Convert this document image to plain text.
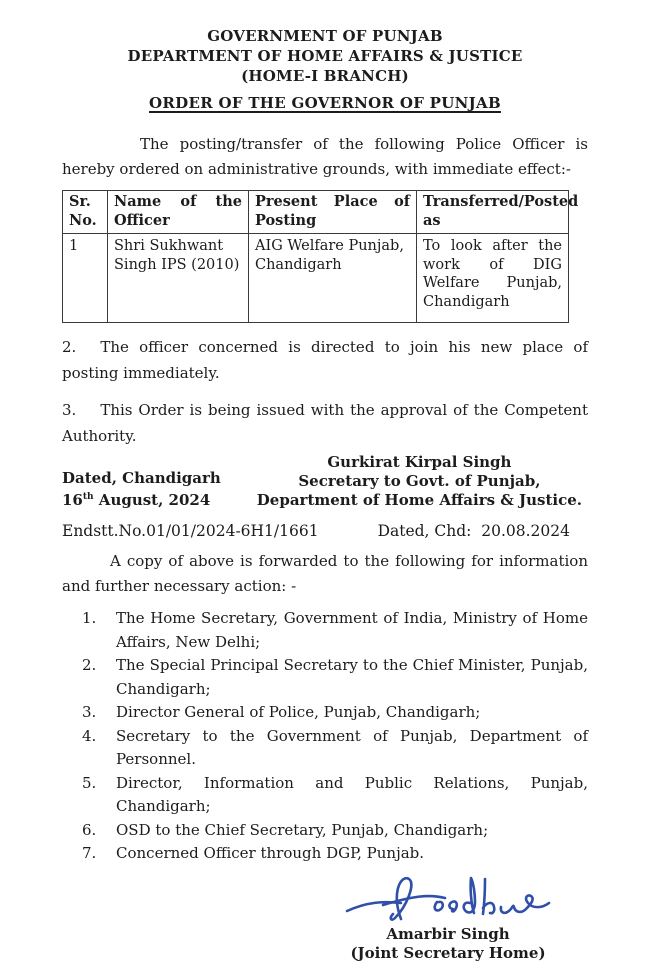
GOVERNMENT OF PUNJAB
DEPARTMENT OF HOME AFFAIRS & JUSTICE
(HOME-I BRANCH)
ORDER OF THE GOVERNOR OF PUNJAB

The posting/transfer of the following Police Officer is hereby ordered on administrative grounds, with immediate effect:-

Sr. No.	Name of the Officer	Present Place of Posting	Transferred/Posted as
1	Shri Sukhwant Singh IPS (2010)	AIG Welfare Punjab, Chandigarh	To look after the work of DIG Welfare Punjab, Chandigarh

2. The officer concerned is directed to join his new place of posting immediately.

3. This Order is being issued with the approval of the Competent Authority.

Dated, Chandigarh
16th August, 2024
Gurkirat Kirpal Singh
Secretary to Govt. of Punjab,
Department of Home Affairs & Justice.
Endstt.No.01/01/2024-6H1/1661	Dated, Chd:  20.08.2024

A copy of above is forwarded to the following for information and further necessary action: -

1.	The Home Secretary, Government of India, Ministry of Home Affairs, New Delhi;
2.	The Special Principal Secretary to the Chief Minister, Punjab, Chandigarh;
3.	Director General of Police, Punjab, Chandigarh;
4.	Secretary to the Government of Punjab, Department of Personnel.
5.	Director, Information and Public Relations, Punjab, Chandigarh;
6.	OSD to the Chief Secretary, Punjab, Chandigarh;
7.	Concerned Officer through DGP, Punjab.
Amarbir Singh
(Joint Secretary Home)
